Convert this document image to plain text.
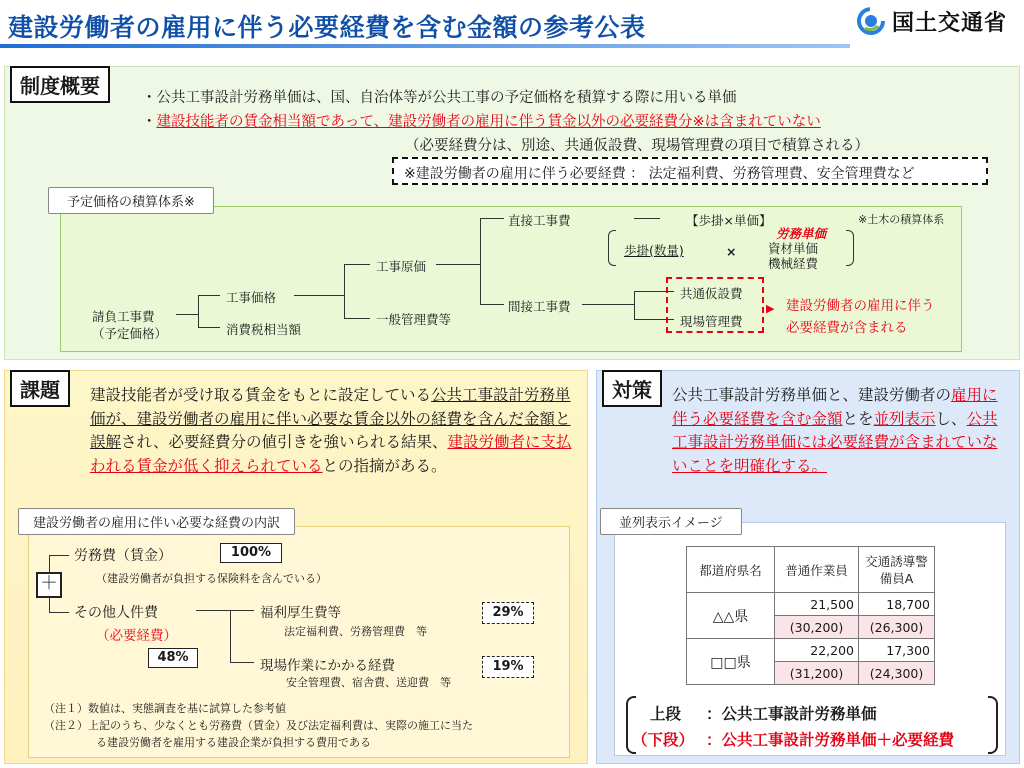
建設労働者の雇用に伴う必要経費を含む金額の参考公表	国土交通省
制度概要	・公共工事設計労務単価は、国、自治体等が公共工事の予定価格を積算する際に用いる単価
・建設技能者の賃金相当額であって、建設労働者の雇用に伴う賃金以外の必要経費分※は含まれていない
（必要経費分は、別途、共通仮設費、現場管理費の項目で積算される）
※建設労働者の雇用に伴う必要経費 ： 法定福利費、労務管理費、安全管理費など
予定価格の積算体系※
※土木の積算体系
請負工事費
（予定価格）
工事価格
消費税相当額
工事原価
一般管理費等
直接工事費
間接工事費
【歩掛×単価】
歩掛(数量)	×
労務単価
資材単価
機械経費
共通仮設費
現場管理費
建設労働者の雇用に伴う
必要経費が含まれる
▶
課題	建設技能者が受け取る賃金をもとに設定している公共工事設計労務単価が、建設労働者の雇用に伴い必要な賃金以外の経費を含んだ金額と誤解され、必要経費分の値引きを強いられる結果、建設労働者に支払われる賃金が低く抑えられているとの指摘がある。
建設労働者の雇用に伴い必要な経費の内訳
＋
労務費（賃金）	100%
（建設労働者が負担する保険料を含んでいる）
その他人件費
（必要経費）
48%
福利厚生費等
法定福利費、労務管理費　等
29%
現場作業にかかる経費
安全管理費、宿舎費、送迎費　等
19%
（注１）数値は、実態調査を基に試算した参考値
（注２）上記のうち、少なくとも労務費（賃金）及び法定福利費は、実際の施工に当た
る建設労働者を雇用する建設企業が負担する費用である
対策	公共工事設計労務単価と、建設労働者の雇用に伴う必要経費を含む金額とを並列表示し、公共工事設計労務単価には必要経費が含まれていないことを明確化する。
並列表示イメージ
都道府県名	普通作業員	交通誘導警備員A
△△県	21,500	18,700
	(30,200)	(26,300)
□□県	22,200	17,300
	(31,200)	(24,300)
上段 ：公共工事設計労務単価
（下段） ：公共工事設計労務単価＋必要経費
